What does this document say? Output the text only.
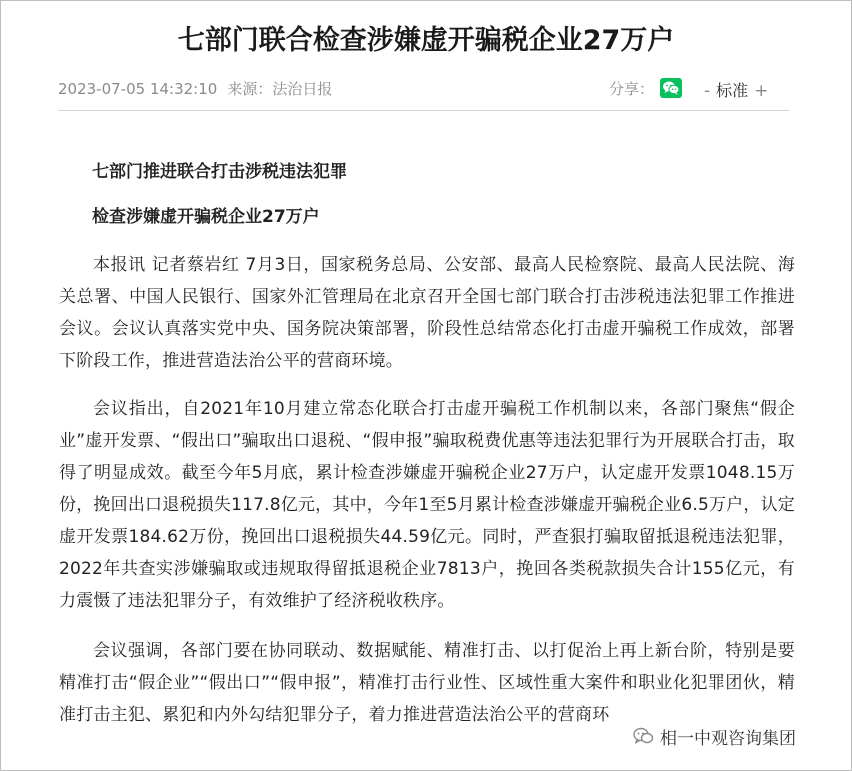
七部门联合检查涉嫌虚开骗税企业27万户
2023-07-05 14:32:10 来源：法治日报	分享：	- 标准 +
七部门推进联合打击涉税违法犯罪
检查涉嫌虚开骗税企业27万户

本报讯 记者蔡岩红 7月3日，国家税务总局、公安部、最高人民检察院、最高人民法院、海关总署、中国人民银行、国家外汇管理局在北京召开全国七部门联合打击涉税违法犯罪工作推进会议。会议认真落实党中央、国务院决策部署，阶段性总结常态化打击虚开骗税工作成效，部署下阶段工作，推进营造法治公平的营商环境。

会议指出，自2021年10月建立常态化联合打击虚开骗税工作机制以来，各部门聚焦“假企业”虚开发票、“假出口”骗取出口退税、“假申报”骗取税费优惠等违法犯罪行为开展联合打击，取得了明显成效。截至今年5月底，累计检查涉嫌虚开骗税企业27万户，认定虚开发票1048.15万份，挽回出口退税损失117.8亿元，其中，今年1至5月累计检查涉嫌虚开骗税企业6.5万户，认定虚开发票184.62万份，挽回出口退税损失44.59亿元。同时，严查狠打骗取留抵退税违法犯罪，2022年共查实涉嫌骗取或违规取得留抵退税企业7813户，挽回各类税款损失合计155亿元，有力震慑了违法犯罪分子，有效维护了经济税收秩序。

会议强调，各部门要在协同联动、数据赋能、精准打击、以打促治上再上新台阶，特别是要精准打击“假企业”“假出口”“假申报”，精准打击行业性、区域性重大案件和职业化犯罪团伙，精准打击主犯、累犯和内外勾结犯罪分子，着力推进营造法治公平的营商环

相一中观咨询集团
